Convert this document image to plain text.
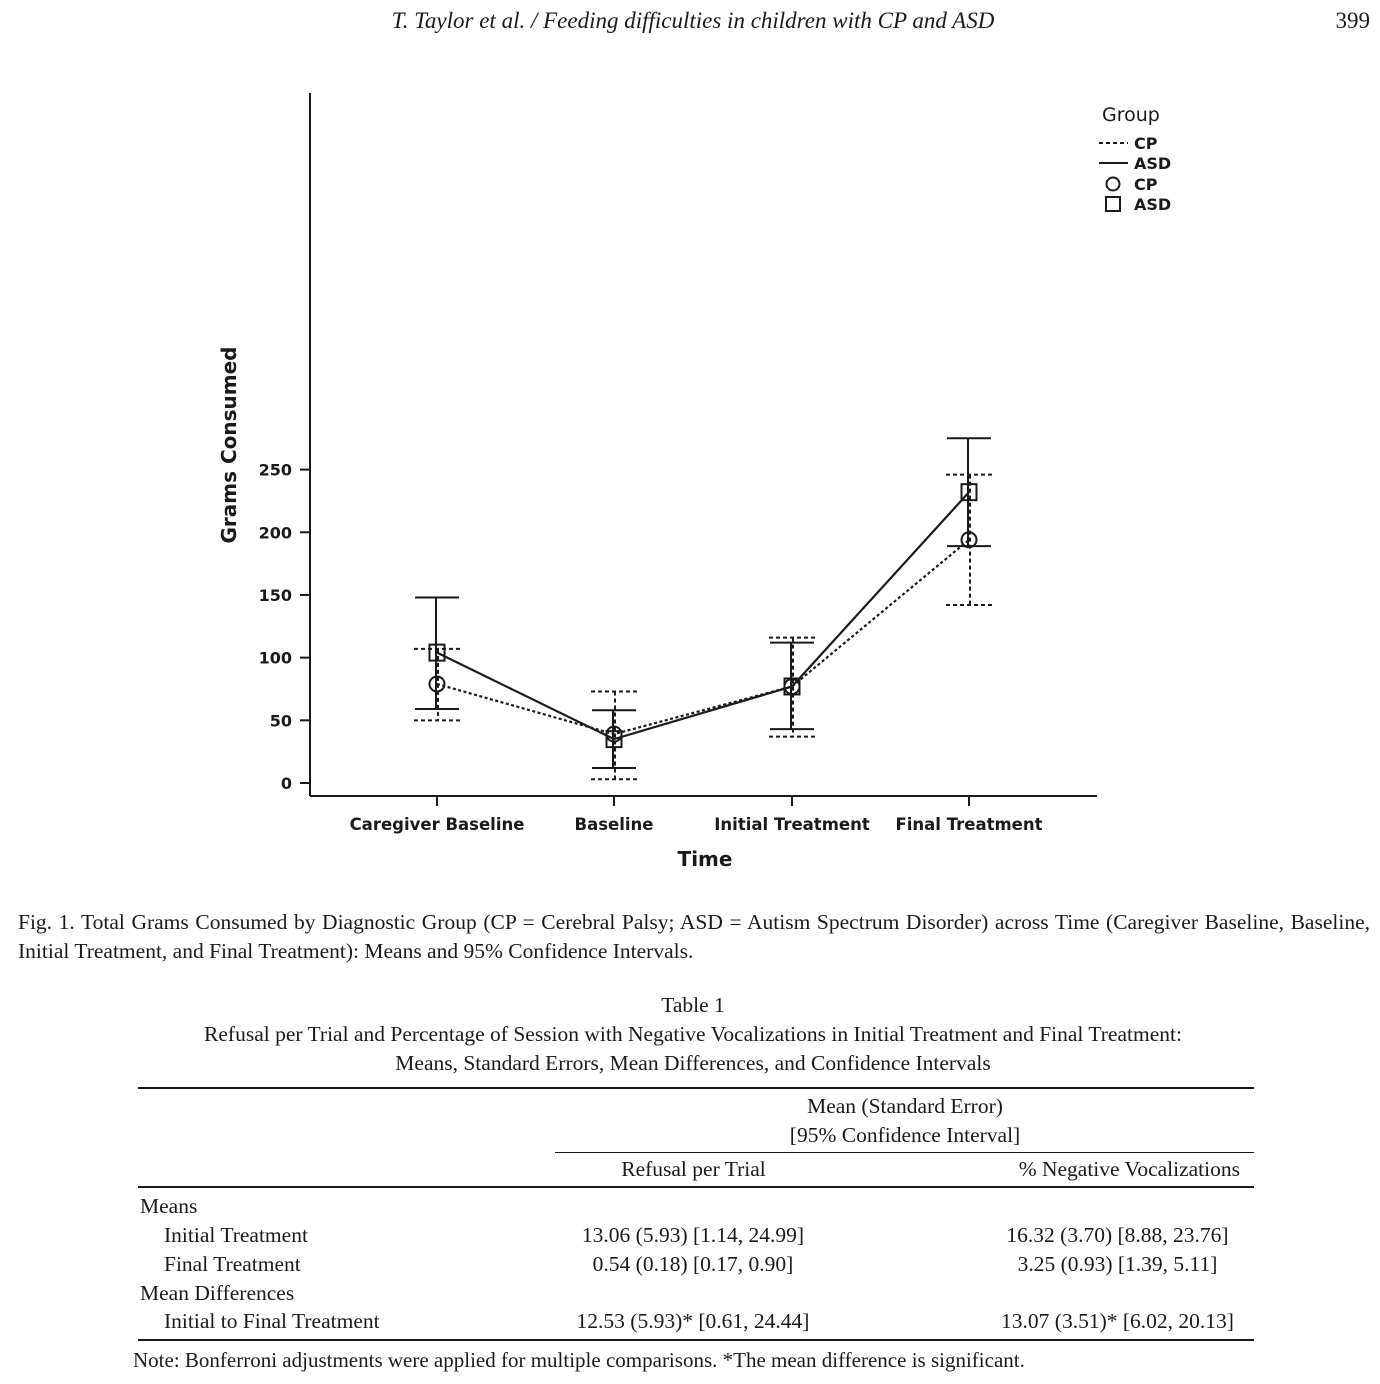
T. Taylor et al. / Feeding difficulties in children with CP and ASD	399
0
50
100
150
200
250
Caregiver Baseline	Baseline	Initial Treatment Final Treatment
Time
Grams Consumed
Group
CP
ASD
CP
ASD
Fig. 1. Total Grams Consumed by Diagnostic Group (CP = Cerebral Palsy; ASD = Autism Spectrum Disorder) across Time (Caregiver Baseline, Baseline, Initial Treatment, and Final Treatment): Means and 95% Confidence Intervals.
Table 1
Refusal per Trial and Percentage of Session with Negative Vocalizations in Initial Treatment and Final Treatment:
Means, Standard Errors, Mean Differences, and Confidence Intervals
Mean (Standard Error)
[95% Confidence Interval]
Refusal per Trial	% Negative Vocalizations
Means
Initial Treatment	13.06 (5.93) [1.14, 24.99]	16.32 (3.70) [8.88, 23.76]
Final Treatment	0.54 (0.18) [0.17, 0.90]	3.25 (0.93) [1.39, 5.11]
Mean Differences
Initial to Final Treatment	12.53 (5.93)* [0.61, 24.44]	13.07 (3.51)* [6.02, 20.13]
Note: Bonferroni adjustments were applied for multiple comparisons. *The mean difference is significant.
